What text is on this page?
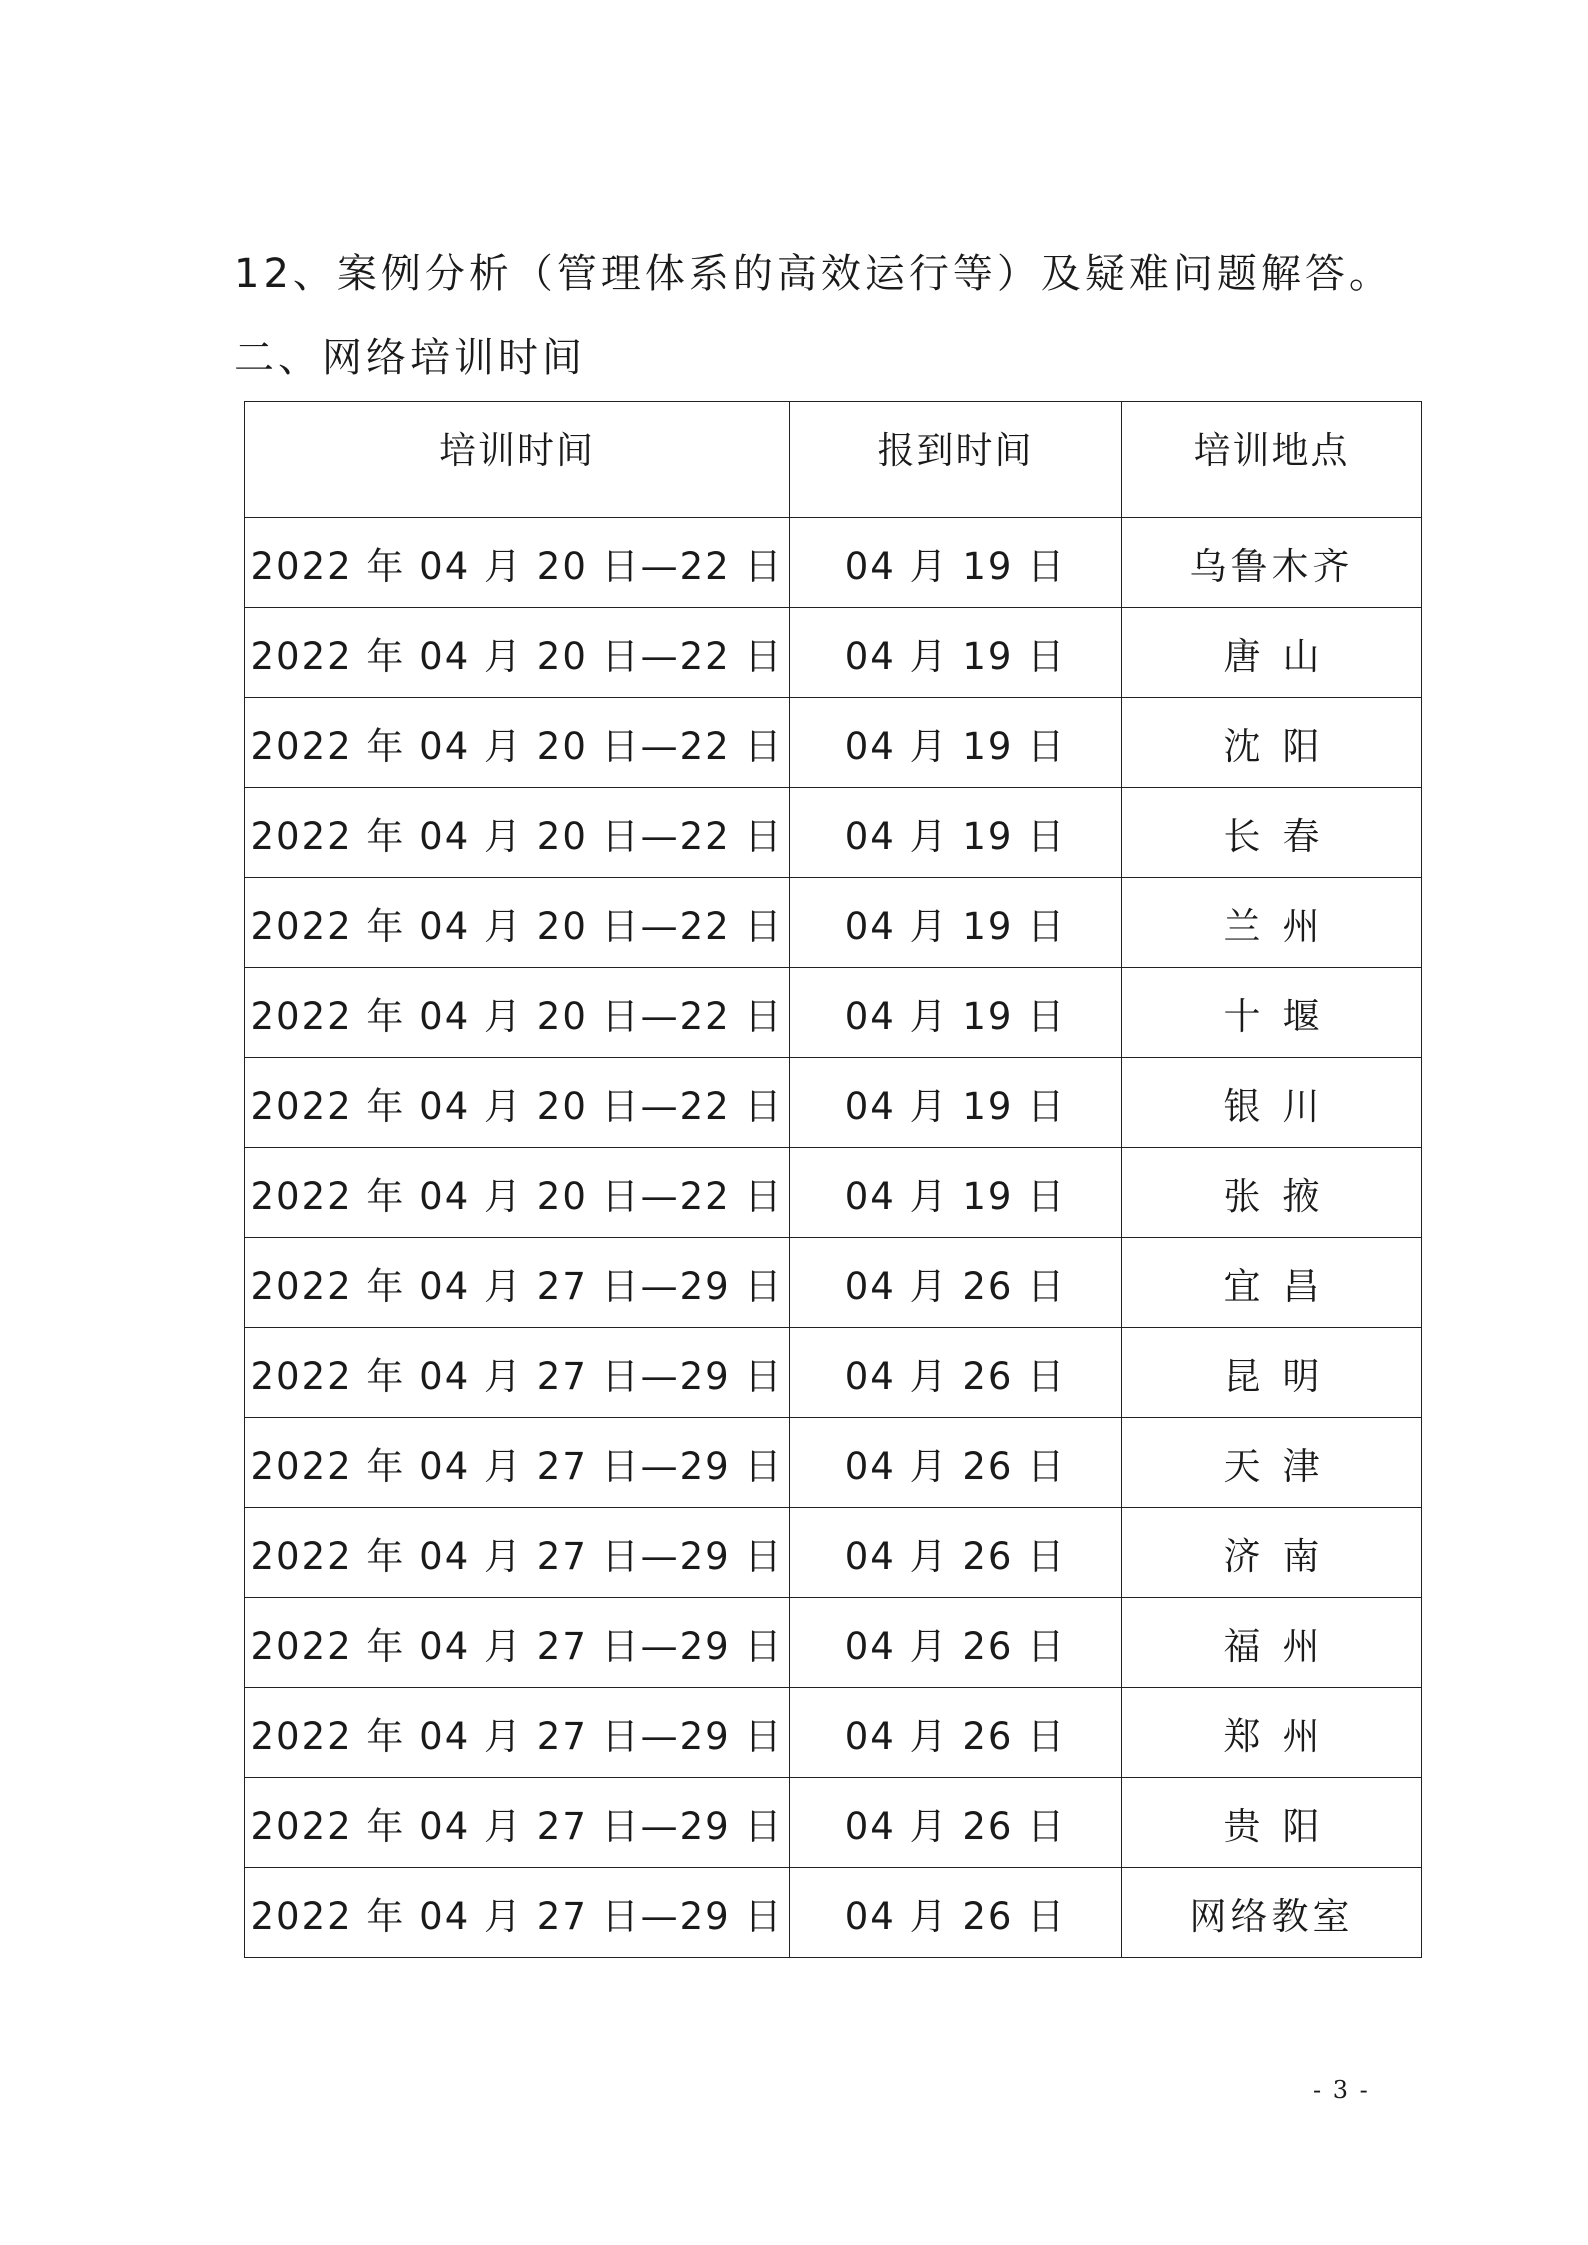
12、案例分析（管理体系的高效运行等）及疑难问题解答。
二、网络培训时间
培训时间	报到时间	培训地点
2022 年 04 月 20 日—22 日	04 月 19 日	乌鲁木齐
2022 年 04 月 20 日—22 日	04 月 19 日	唐山
2022 年 04 月 20 日—22 日	04 月 19 日	沈阳
2022 年 04 月 20 日—22 日	04 月 19 日	长春
2022 年 04 月 20 日—22 日	04 月 19 日	兰州
2022 年 04 月 20 日—22 日	04 月 19 日	十堰
2022 年 04 月 20 日—22 日	04 月 19 日	银川
2022 年 04 月 20 日—22 日	04 月 19 日	张掖
2022 年 04 月 27 日—29 日	04 月 26 日	宜昌
2022 年 04 月 27 日—29 日	04 月 26 日	昆明
2022 年 04 月 27 日—29 日	04 月 26 日	天津
2022 年 04 月 27 日—29 日	04 月 26 日	济南
2022 年 04 月 27 日—29 日	04 月 26 日	福州
2022 年 04 月 27 日—29 日	04 月 26 日	郑州
2022 年 04 月 27 日—29 日	04 月 26 日	贵阳
2022 年 04 月 27 日—29 日	04 月 26 日	网络教室
- 3 -
